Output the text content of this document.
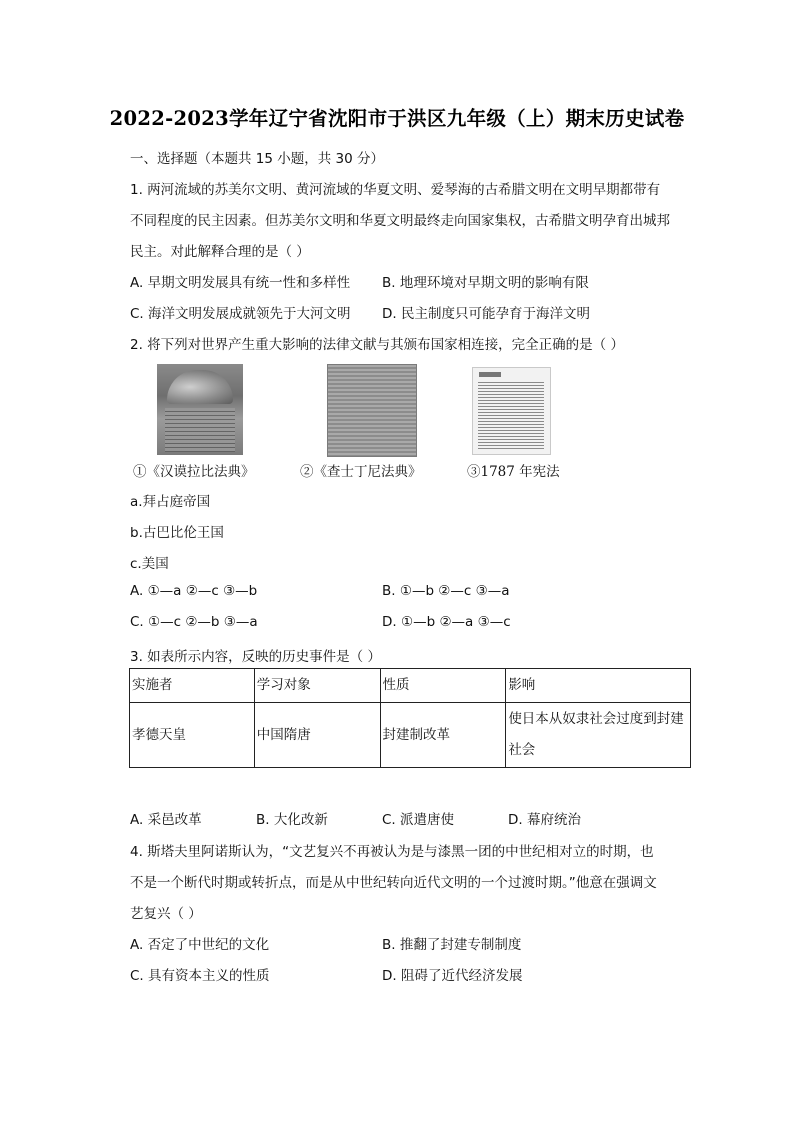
2022-2023学年辽宁省沈阳市于洪区九年级（上）期末历史试卷
一、选择题（本题共 15 小题，共 30 分）
1. 两河流域的苏美尔文明、黄河流域的华夏文明、爱琴海的古希腊文明在文明早期都带有
不同程度的民主因素。但苏美尔文明和华夏文明最终走向国家集权，古希腊文明孕育出城邦
民主。对此解释合理的是（ ）
A. 早期文明发展具有统一性和多样性 B. 地理环境对早期文明的影响有限
C. 海洋文明发展成就领先于大河文明 D. 民主制度只可能孕育于海洋文明
2. 将下列对世界产生重大影响的法律文献与其颁布国家相连接，完全正确的是（ ）
①《汉谟拉比法典》	②《查士丁尼法典》	③1787 年宪法
a.拜占庭帝国
b.古巴比伦王国
c.美国
A. ①—a ②—c ③—b	B. ①—b ②—c ③—a
C. ①—c ②—b ③—a	D. ①—b ②—a ③—c
3. 如表所示内容，反映的历史事件是（ ）
实施者	学习对象	性质	影响
孝德天皇	中国隋唐	封建制改革	使日本从奴隶社会过度到封建社会
A. 采邑改革	B. 大化改新	C. 派遣唐使	D. 幕府统治
4. 斯塔夫里阿诺斯认为，“文艺复兴不再被认为是与漆黑一团的中世纪相对立的时期，也
不是一个断代时期或转折点，而是从中世纪转向近代文明的一个过渡时期。”他意在强调文
艺复兴（ ）
A. 否定了中世纪的文化	B. 推翻了封建专制制度
C. 具有资本主义的性质	D. 阻碍了近代经济发展
